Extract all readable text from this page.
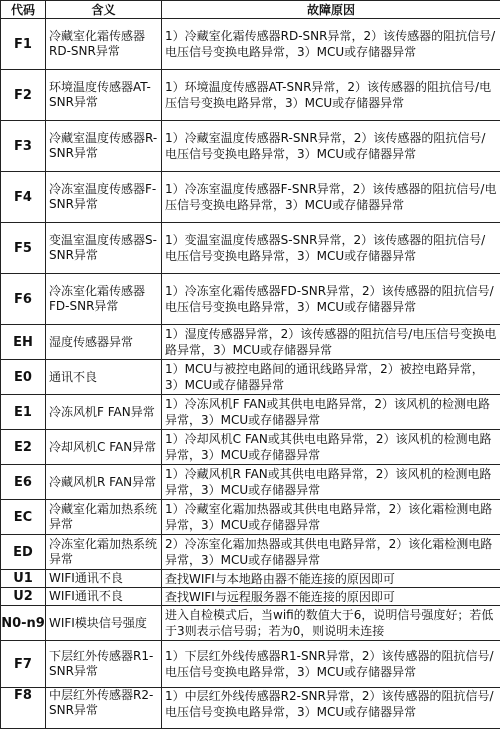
代码	含义	故障原因
F1	冷藏室化霜传感器RD-SNR异常	1）冷藏室化霜传感器RD-SNR异常，2）该传感器的阻抗信号/电压信号变换电路异常，3）MCU或存储器异常
F2	环境温度传感器AT-SNR异常	1）环境温度传感器AT-SNR异常，2）该传感器的阻抗信号/电压信号变换电路异常，3）MCU或存储器异常
F3	冷藏室温度传感器R-SNR异常	1）冷藏室温度传感器R-SNR异常，2）该传感器的阻抗信号/电压信号变换电路异常，3）MCU或存储器异常
F4	冷冻室温度传感器F-SNR异常	1）冷冻室温度传感器F-SNR异常，2）该传感器的阻抗信号/电压信号变换电路异常，3）MCU或存储器异常
F5	变温室温度传感器S- SNR异常	1）变温室温度传感器S-SNR异常，2）该传感器的阻抗信号/电压信号变换电路异常，3）MCU或存储器异常
F6	冷冻室化霜传感器FD-SNR异常	1）冷冻室化霜传感器FD-SNR异常，2）该传感器的阻抗信号/电压信号变换电路异常，3）MCU或存储器异常
EH	湿度传感器异常	1）湿度传感器异常，2）该传感器的阻抗信号/电压信号变换电路异常，3）MCU或存储器异常
E0	通讯不良	1）MCU与被控电路间的通讯线路异常，2）被控电路异常，3）MCU或存储器异常
E1	冷冻风机F FAN异常	1）冷冻风机F FAN或其供电电路异常，2）该风机的检测电路异常，3）MCU或存储器异常
E2	冷却风机C FAN异常	1）冷却风机C FAN或其供电电路异常，2）该风机的检测电路异常，3）MCU或存储器异常
E6	冷藏风机R FAN异常	1）冷藏风机R FAN或其供电电路异常，2）该风机的检测电路异常，3）MCU或存储器异常
EC	冷藏室化霜加热系统异常	1）冷藏室化霜加热器或其供电电路异常，2）该化霜检测电路异常，3）MCU或存储器异常
ED	冷冻室化霜加热系统异常	2）冷冻室化霜加热器或其供电电路异常，2）该化霜检测电路异常，3）MCU或存储器异常
U1	WIFI通讯不良	查找WIFI与本地路由器不能连接的原因即可
U2	WIFI通讯不良	查找WIFI与远程服务器不能连接的原因即可
N0-n9	WIFI模块信号强度	进入自检模式后，当wifi的数值大于6，说明信号强度好；若低于3则表示信号弱；若为0，则说明未连接
F7	下层红外传感器R1-SNR异常	1）下层红外线传感器R1-SNR异常，2）该传感器的阻抗信号/电压信号变换电路异常，3）MCU或存储器异常
F8	中层红外传感器R2-SNR异常	1）中层红外线传感器R2-SNR异常，2）该传感器的阻抗信号/电压信号变换电路异常，3）MCU或存储器异常
